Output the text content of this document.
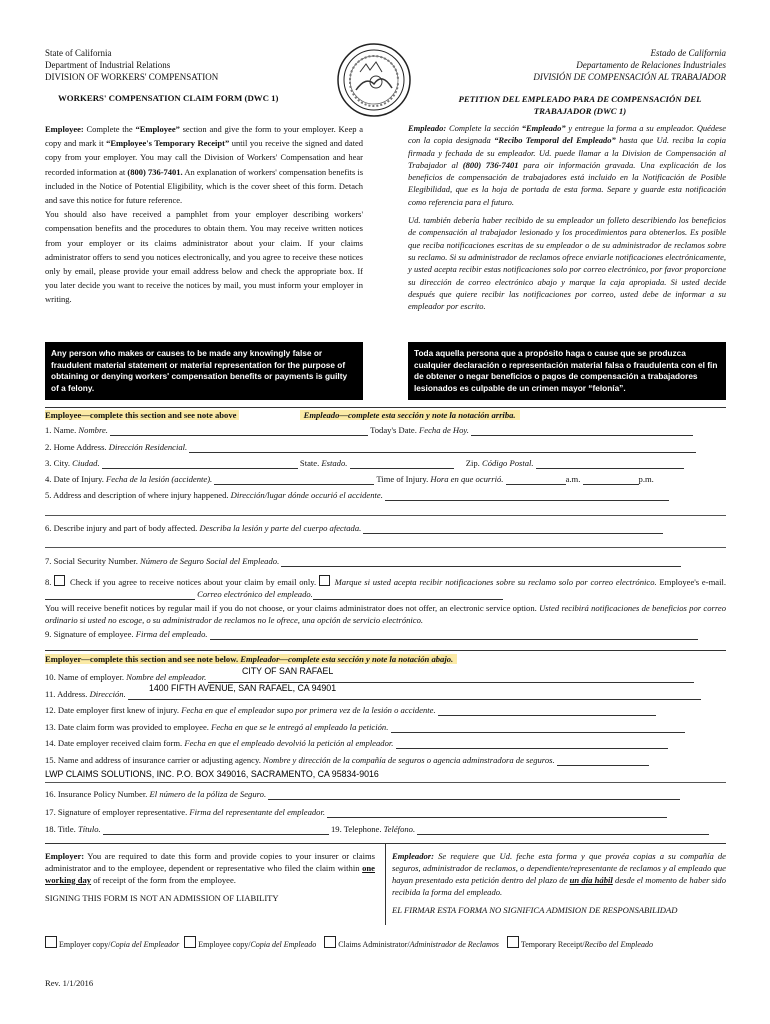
State of California
Department of Industrial Relations
DIVISION OF WORKERS' COMPENSATION
Estado de California
Departamento de Relaciones Industriales
DIVISIÓN DE COMPENSACIÓN AL TRABAJADOR
WORKERS' COMPENSATION CLAIM FORM (DWC 1)	PETITION DEL EMPLEADO PARA DE COMPENSACIÓN DEL TRABAJADOR (DWC 1)
Employee: Complete the “Employee” section and give the form to your employer. Keep a copy and mark it “Employee's Temporary Receipt” until you receive the signed and dated copy from your employer. You may call the Division of Workers' Compensation and hear recorded information at (800) 736-7401. An explanation of workers' compensation benefits is included in the Notice of Potential Eligibility, which is the cover sheet of this form. Detach and save this notice for future reference.
You should also have received a pamphlet from your employer describing workers' compensation benefits and the procedures to obtain them. You may receive written notices from your employer or its claims administrator about your claim. If your claims administrator offers to send you notices electronically, and you agree to receive these notices only by email, please provide your email address below and check the appropriate box. If you later decide you want to receive the notices by mail, you must inform your employer in writing.
Empleado: Complete la sección “Empleado” y entregue la forma a su empleador. Quédese con la copia designada “Recibo Temporal del Empleado” hasta que Ud. reciba la copia firmada y fechada de su empleador. Ud. puede llamar a la Division de Compensación al Trabajador al (800) 736-7401 para oir información gravada. Una explicación de los beneficios de compensación de trabajadores está incluido en la Notificación de Posible Elegibilidad, que es la hoja de portada de esta forma. Separe y guarde esta notificación como referencia para el futuro.
Ud. también debería haber recibido de su empleador un folleto describiendo los beneficios de compensación al trabajador lesionado y los procedimientos para obtenerlos. Es posible que reciba notificaciones escritas de su empleador o de su administrador de reclamos sobre su reclamo. Si su administrador de reclamos ofrece enviarle notificaciones electrónicamente, y usted acepta recibir estas notificaciones solo por correo electrónico, por favor proporcione su dirección de correo electrónico abajo y marque la caja apropiada. Si usted decide después que quiere recibir las notificaciones por correo, usted debe de informar a su empleador por escrito.
Any person who makes or causes to be made any knowingly false or fraudulent material statement or material representation for the purpose of obtaining or denying workers' compensation benefits or payments is guilty of a felony.
Toda aquella persona que a propósito haga o cause que se produzca cualquier declaración o representación material falsa o fraudulenta con el fin de obtener o negar beneficios o pagos de compensación a trabajadores lesionados es culpable de un crimen mayor “felonía”.
Employee—complete this section and see note above	Empleado—complete esta sección y note la notación arriba.
1. Name. Nombre.	Today's Date. Fecha de Hoy.
2. Home Address. Dirección Residencial.
3. City. Ciudad.	State. Estado.	Zip. Código Postal.
4. Date of Injury. Fecha de la lesión (accidente).	Time of Injury. Hora en que ocurrió.	a.m.	p.m.
5. Address and description of where injury happened. Dirección/lugar dónde occurió el accidente.
6. Describe injury and part of body affected. Describa la lesión y parte del cuerpo afectada.
7. Social Security Number. Número de Seguro Social del Empleado.
8.  Check if you agree to receive notices about your claim by email only.  Marque si usted acepta recibir notificaciones sobre su reclamo solo por correo electrónico. Employee's e-mail.  Correo electrónico del empleado.
You will receive benefit notices by regular mail if you do not choose, or your claims administrator does not offer, an electronic service option. Usted recibirá notificaciones de beneficios por correo ordinario si usted no escoge, o su administrador de reclamos no le ofrece, una opción de servicio electrónico.
9. Signature of employee. Firma del empleado.
Employer—complete this section and see note below. Empleador—complete esta sección y note la notación abajo.
10. Name of employer. Nombre del empleador.
CITY OF SAN RAFAEL
11. Address. Dirección.
1400 FIFTH AVENUE, SAN RAFAEL, CA 94901
12. Date employer first knew of injury. Fecha en que el empleador supo por primera vez de la lesión o accidente.
13. Date claim form was provided to employee. Fecha en que se le entregó al empleado la petición.
14. Date employer received claim form. Fecha en que el empleado devolvió la petición al empleador.
15. Name and address of insurance carrier or adjusting agency. Nombre y dirección de la compañía de seguros o agencia adminstradora de seguros.
LWP CLAIMS SOLUTIONS, INC. P.O. BOX 349016, SACRAMENTO, CA 95834-9016
16. Insurance Policy Number. El número de la póliza de Seguro.
17. Signature of employer representative. Firma del representante del empleador.
18. Title. Título.	19. Telephone. Teléfono.
Employer: You are required to date this form and provide copies to your insurer or claims administrator and to the employee, dependent or representative who filed the claim within one working day of receipt of the form from the employee.
SIGNING THIS FORM IS NOT AN ADMISSION OF LIABILITY
Empleador: Se requiere que Ud. feche esta forma y que provéa copias a su compañía de seguros, administrador de reclamos, o dependiente/representante de reclamos y al empleado que hayan presentado esta petición dentro del plazo de un día hábil desde el momento de haber sido recibida la forma del empleado.
EL FIRMAR ESTA FORMA NO SIGNIFICA ADMISION DE RESPONSABILIDAD
Employer copy/Copia del Empleador Employee copy/Copia del Empleado	Claims Administrator/Administrador de Reclamos	Temporary Receipt/Recibo del Empleado
Rev. 1/1/2016
